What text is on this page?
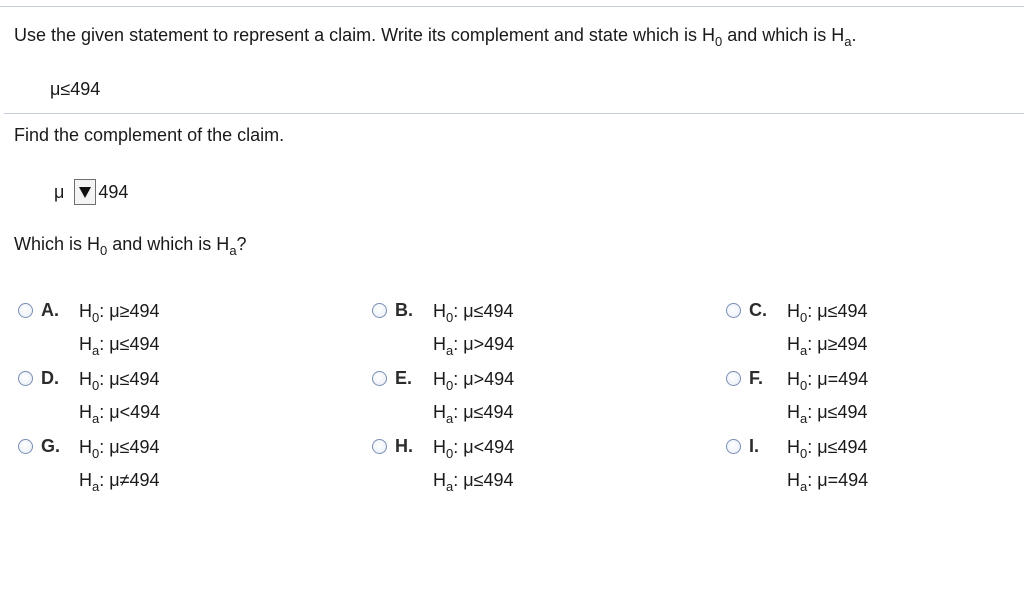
Use the given statement to represent a claim. Write its complement and state which is $H_0$ and which is $H_a$.
μ≤494
Find the complement of the claim.
μ 494
Which is $H_0$ and which is $H_a$?
A.	$H_0$: μ≥494
$H_a$: μ≤494
B.	$H_0$: μ≤494
$H_a$: μ>494
C.	$H_0$: μ≤494
$H_a$: μ≥494
D.	$H_0$: μ≤494
$H_a$: μ<494
E.	$H_0$: μ>494
$H_a$: μ≤494
F.	$H_0$: μ=494
$H_a$: μ≤494
G.	$H_0$: μ≤494
$H_a$: μ≠494
H.	$H_0$: μ<494
$H_a$: μ≤494
I.	$H_0$: μ≤494
$H_a$: μ=494
